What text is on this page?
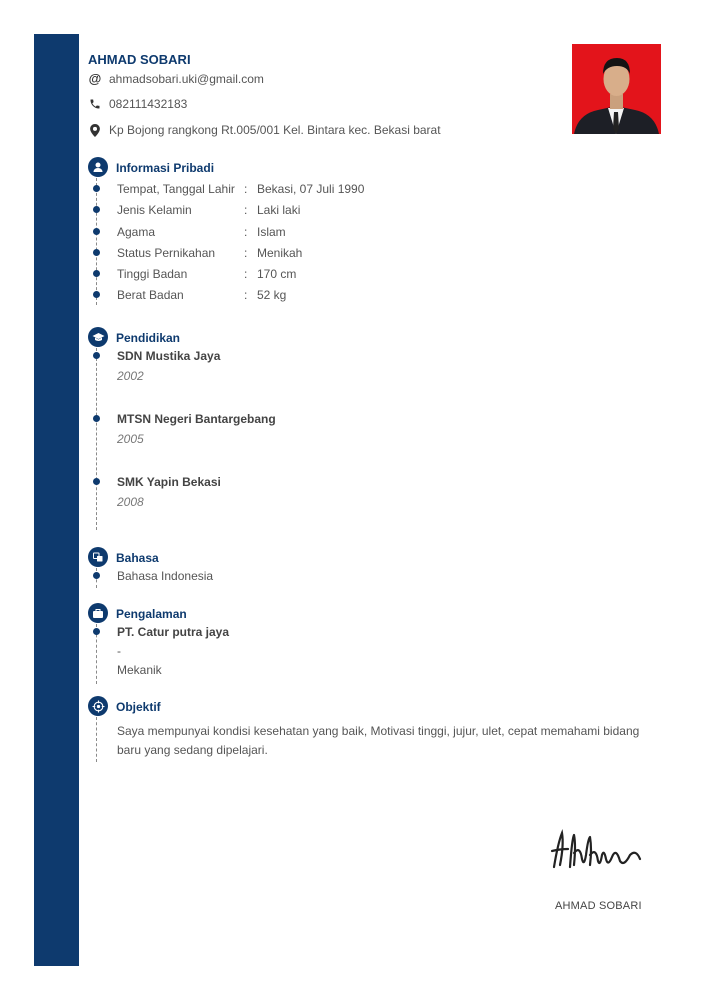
AHMAD SOBARI
@ ahmadsobari.uki@gmail.com
082111432183
Kp Bojong rangkong Rt.005/001 Kel. Bintara kec. Bekasi barat
Informasi Pribadi
Tempat, Tanggal Lahir : Bekasi, 07 Juli 1990
Jenis Kelamin	: Laki laki
Agama	: Islam
Status Pernikahan : Menikah
Tinggi Badan	: 170 cm
Berat Badan	: 52 kg
Pendidikan
SDN Mustika Jaya
2002
MTSN Negeri Bantargebang
2005
SMK Yapin Bekasi
2008
Bahasa
Bahasa Indonesia
Pengalaman
PT. Catur putra jaya
-
Mekanik
Objektif
Saya mempunyai kondisi kesehatan yang baik, Motivasi tinggi, jujur, ulet, cepat memahami bidang baru yang sedang dipelajari.
AHMAD SOBARI
